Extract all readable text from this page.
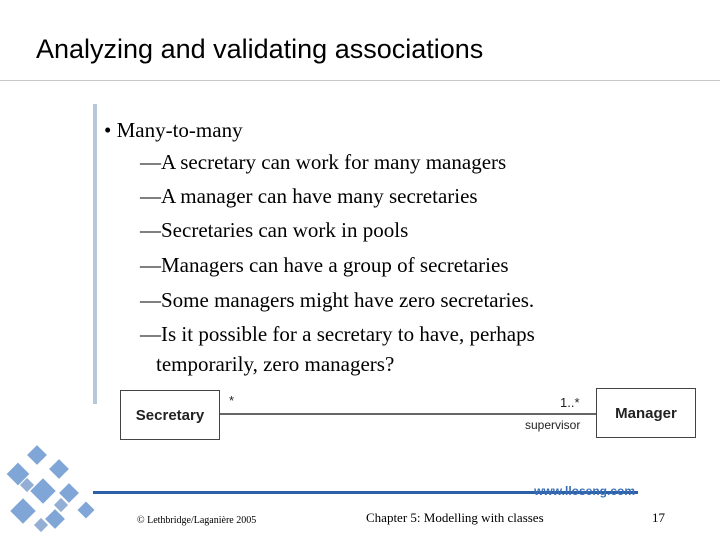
Analyzing and validating associations
• Many-to-many
—A secretary can work for many managers
—A manager can have many secretaries
—Secretaries can work in pools
—Managers can have a group of secretaries
—Some managers might have zero secretaries.
—Is it possible for a secretary to have, perhaps
temporarily, zero managers?
Secretary	Manager
*	1..*
supervisor
www.lloseng.com
© Lethbridge/Laganière 2005	Chapter 5: Modelling with classes	17
